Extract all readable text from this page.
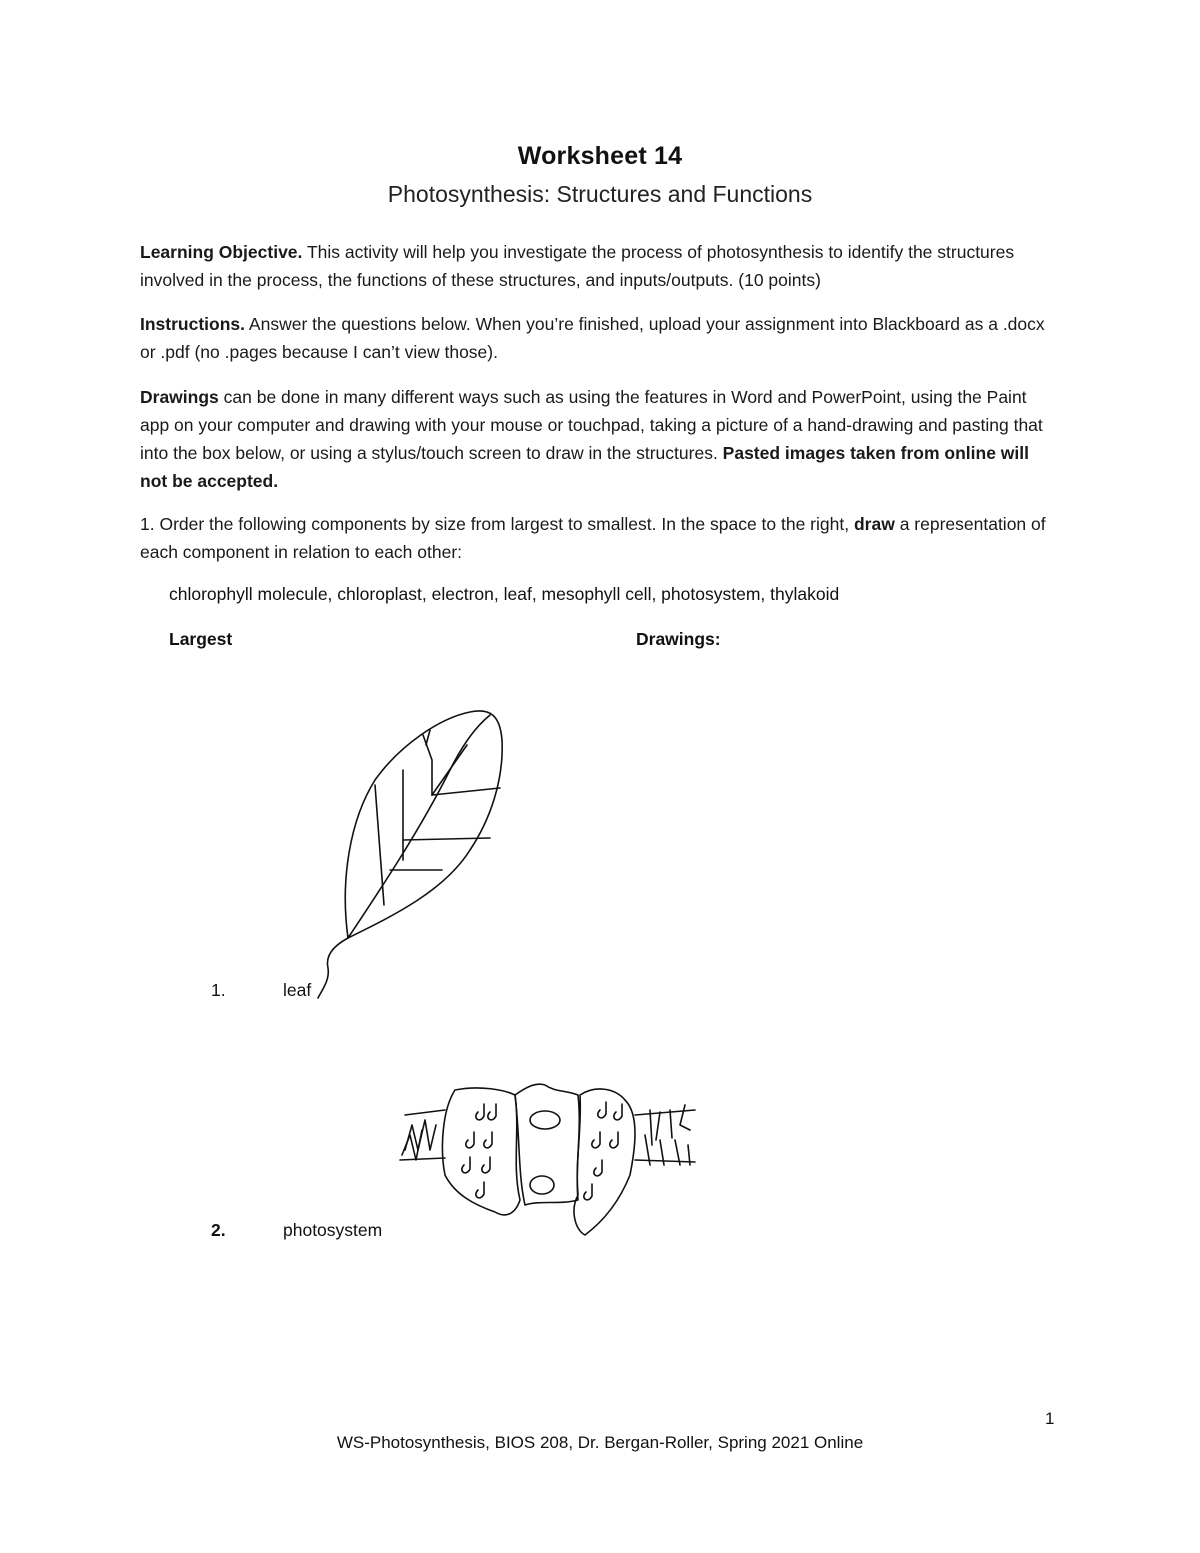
Worksheet 14
Photosynthesis: Structures and Functions
Learning Objective. This activity will help you investigate the process of photosynthesis to identify the structures involved in the process, the functions of these structures, and inputs/outputs. (10 points)
Instructions. Answer the questions below. When you’re finished, upload your assignment into Blackboard as a .docx or .pdf (no .pages because I can’t view those).
Drawings can be done in many different ways such as using the features in Word and PowerPoint, using the Paint app on your computer and drawing with your mouse or touchpad, taking a picture of a hand-drawing and pasting that into the box below, or using a stylus/touch screen to draw in the structures. Pasted images taken from online will not be accepted.
1. Order the following components by size from largest to smallest. In the space to the right, draw a representation of each component in relation to each other:
chlorophyll molecule, chloroplast, electron, leaf, mesophyll cell, photosystem, thylakoid
Largest	Drawings:
1.	leaf
2.	photosystem
1
WS-Photosynthesis, BIOS 208, Dr. Bergan-Roller, Spring 2021 Online
